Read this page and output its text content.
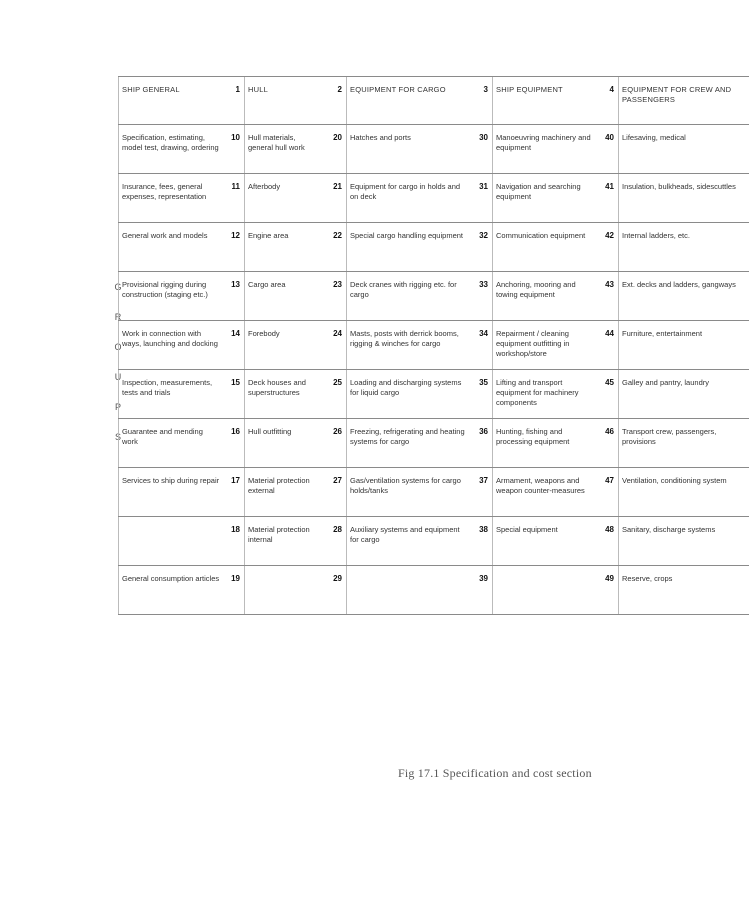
G
R
O
U
P
S
SHIP GENERAL	1	HULL	2	EQUIPMENT FOR CARGO	3	SHIP EQUIPMENT	4	EQUIPMENT FOR CREW AND PASSENGERS
Specification, estimating, model test, drawing, ordering	10	Hull materials, general hull work	20	Hatches and ports	30	Manoeuvring machinery and equipment	40	Lifesaving, medical
Insurance, fees, general expenses, representation	11	Afterbody	21	Equipment for cargo in holds and on deck	31	Navigation and searching equipment	41	Insulation, bulkheads, sidescuttles
General work and models	12	Engine area	22	Special cargo handling equipment	32	Communication equipment	42	Internal ladders, etc.
Provisional rigging during construction (staging etc.)	13	Cargo area	23	Deck cranes with rigging etc. for cargo	33	Anchoring, mooring and towing equipment	43	Ext. decks and ladders, gangways
Work in connection with ways, launching and docking	14	Forebody	24	Masts, posts with derrick booms, rigging & winches for cargo	34	Repairment / cleaning equipment outfitting in workshop/store	44	Furniture, entertainment
Inspection, measurements, tests and trials	15	Deck houses and superstructures	25	Loading and discharging systems for liquid cargo	35	Lifting and transport equipment for machinery components	45	Galley and pantry, laundry
Guarantee and mending work	16	Hull outfitting	26	Freezing, refrigerating and heating systems for cargo	36	Hunting, fishing and processing equipment	46	Transport crew, passengers, provisions
Services to ship during repair	17	Material protection external	27	Gas/ventilation systems for cargo holds/tanks	37	Armament, weapons and weapon counter-measures	47	Ventilation, conditioning system
	18	Material protection internal	28	Auxiliary systems and equipment for cargo	38	Special equipment	48	Sanitary, discharge systems
General consumption articles	19		29		39		49	Reserve, crops
Fig 17.1 Specification and cost section
